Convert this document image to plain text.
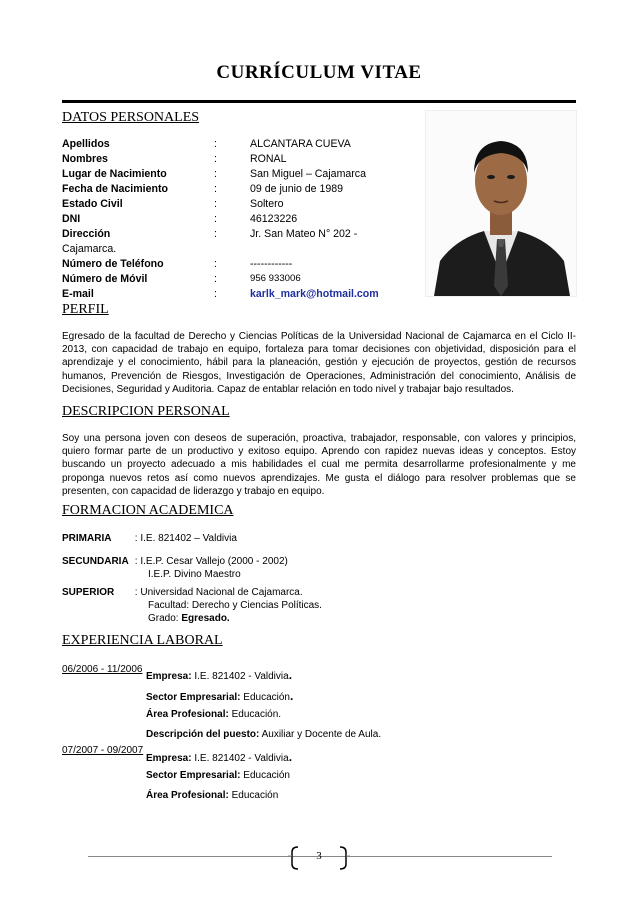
CURRÍCULUM VITAE
DATOS PERSONALES
Apellidos	:	ALCANTARA CUEVA
Nombres	:	RONAL
Lugar de Nacimiento	:	San Miguel – Cajamarca
Fecha de Nacimiento	:	09 de junio de 1989
Estado Civil	:	Soltero
DNI	:	46123226
Dirección	:	Jr. San Mateo N° 202 -
Cajamarca.		
Número de Teléfono	:	------------
Número de Móvil	:	956 933006
E-mail	:	karlk_mark@hotmail.com
PERFIL
Egresado de la facultad de Derecho y Ciencias Políticas de la Universidad Nacional de Cajamarca en el Ciclo II-2013, con capacidad de trabajo en equipo, fortaleza para tomar decisiones con objetividad, disposición para el aprendizaje y el conocimiento, hábil para la planeación, gestión y ejecución de proyectos, gestión de recursos humanos, Prevención de Riesgos, Investigación de Operaciones, Administración del conocimiento, Análisis de Decisiones, Seguridad y Auditoria. Capaz de entablar relación en todo nivel y trabajar bajo resultados.
DESCRIPCION PERSONAL
Soy una persona joven con deseos de superación, proactiva, trabajador, responsable, con valores y principios, quiero formar parte de un productivo y exitoso equipo. Aprendo con rapidez nuevas ideas y conceptos. Estoy buscando un proyecto adecuado a mis habilidades el cual me permita desarrollarme profesionalmente y me proponga nuevos retos así como nuevos aprendizajes. Me gusta el diálogo para resolver problemas que se presenten, con capacidad de liderazgo y trabajo en equipo.
FORMACION ACADEMICA
PRIMARIA : I.E. 821402 – Valdivia
SECUNDARIA : I.E.P. Cesar Vallejo (2000 - 2002)
I.E.P. Divino Maestro
SUPERIOR : Universidad Nacional de Cajamarca.
Facultad: Derecho y Ciencias Políticas.
Grado: Egresado.
EXPERIENCIA LABORAL
06/2006 - 11/2006
Empresa: I.E. 821402 - Valdivia.
Sector Empresarial: Educación.
Área Profesional: Educación.
Descripción del puesto: Auxiliar y Docente de Aula.
07/2007 - 09/2007
Empresa: I.E. 821402 - Valdivia.
Sector Empresarial: Educación
Área Profesional: Educación
3
